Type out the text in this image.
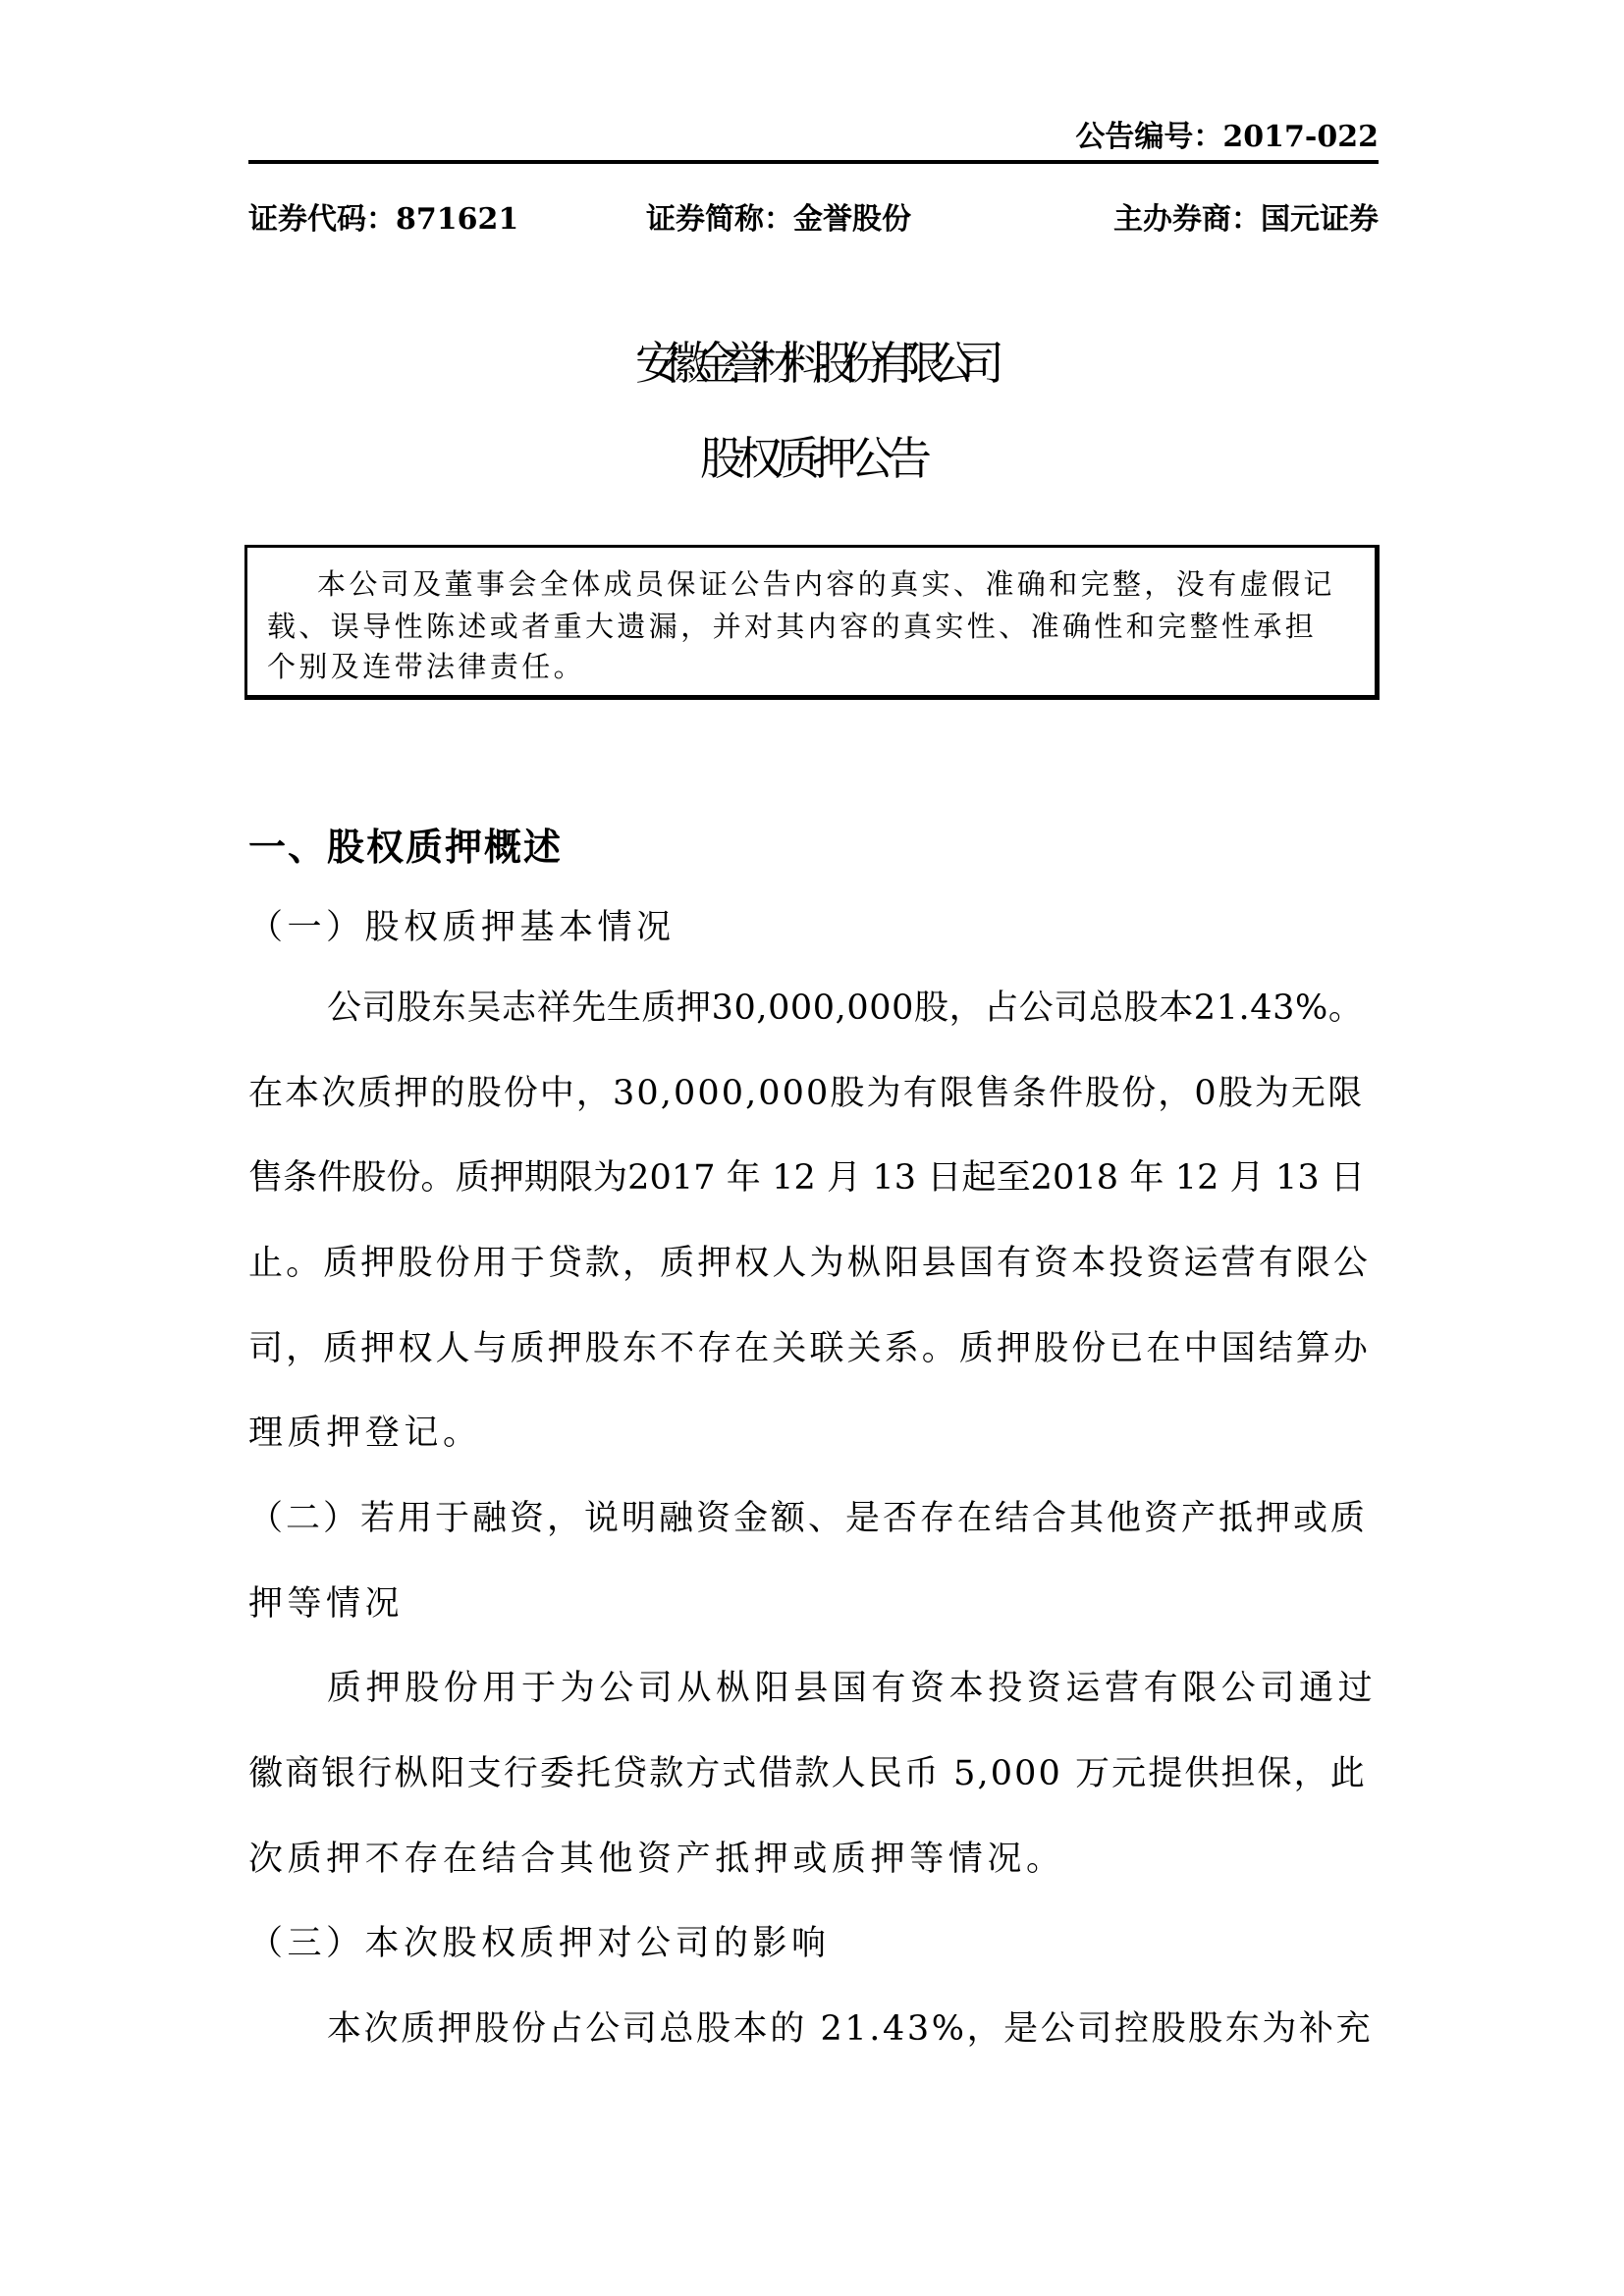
公告编号：2017-022
证券代码：871621	证券简称：金誉股份	主办券商：国元证券
安徽金誉材料股份有限公司
股权质押公告
本公司及董事会全体成员保证公告内容的真实、准确和完整，没有虚假记
载、误导性陈述或者重大遗漏，并对其内容的真实性、准确性和完整性承担
个别及连带法律责任。
一、股权质押概述
（一）股权质押基本情况
公司股东吴志祥先生质押30,000,000股，占公司总股本21.43%。
在本次质押的股份中，30,000,000股为有限售条件股份，0股为无限
售条件股份。质押期限为2017 年 12 月 13 日起至2018 年 12 月 13 日
止。质押股份用于贷款，质押权人为枞阳县国有资本投资运营有限公
司，质押权人与质押股东不存在关联关系。质押股份已在中国结算办
理质押登记。
（二）若用于融资，说明融资金额、是否存在结合其他资产抵押或质
押等情况
质押股份用于为公司从枞阳县国有资本投资运营有限公司通过
徽商银行枞阳支行委托贷款方式借款人民币 5,000 万元提供担保，此
次质押不存在结合其他资产抵押或质押等情况。
（三）本次股权质押对公司的影响
本次质押股份占公司总股本的 21.43%，是公司控股股东为补充
